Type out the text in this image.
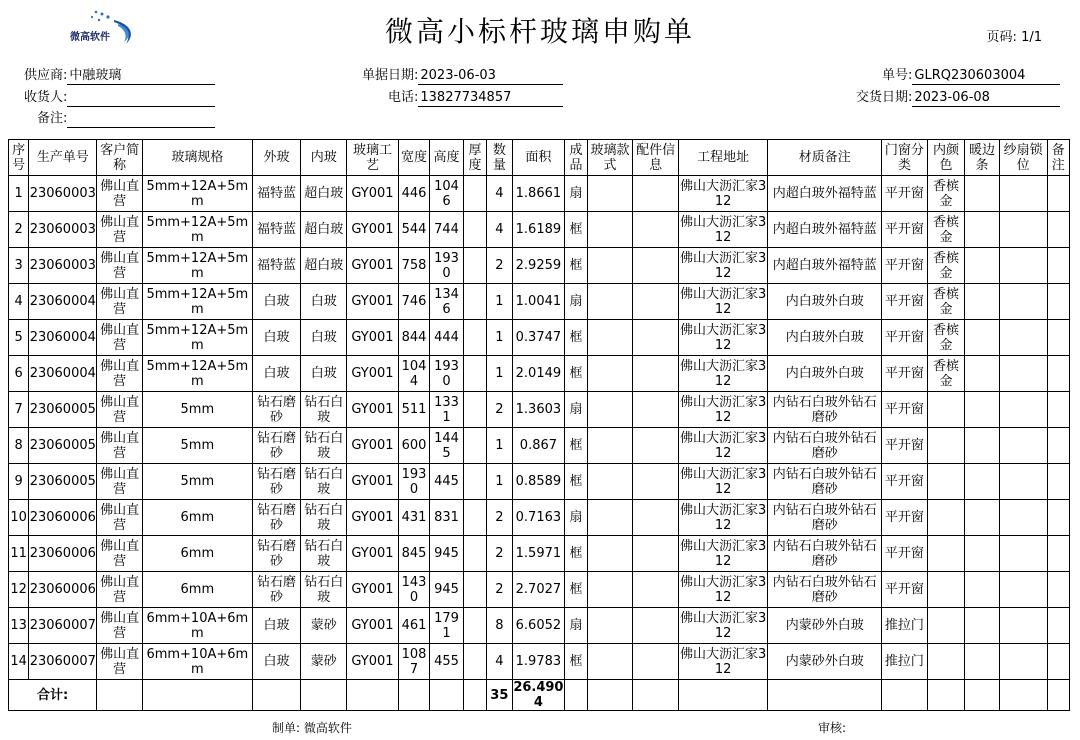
微高软件	微高小标杆玻璃申购单	页码: 1/1
供应商: 中融玻璃
收货人:
备注:
单据日期: 2023-06-03
电话: 13827734857
单号: GLRQ230603004
交货日期: 2023-06-08
序号	生产单号	客户简称	玻璃规格	外玻	内玻	玻璃工艺	宽度	高度	厚度	数量	面积	成品	玻璃款式	配件信息	工程地址	材质备注	门窗分类	内颜色	暖边条	纱扇锁位	备注
1	23060003	佛山直营	5mm+12A+5mm	福特蓝	超白玻	GY001	446	1046		4	1.8661	扇			佛山大沥汇家312	内超白玻外福特蓝	平开窗	香槟金			
2	23060003	佛山直营	5mm+12A+5mm	福特蓝	超白玻	GY001	544	744		4	1.6189	框			佛山大沥汇家312	内超白玻外福特蓝	平开窗	香槟金			
3	23060003	佛山直营	5mm+12A+5mm	福特蓝	超白玻	GY001	758	1930		2	2.9259	框			佛山大沥汇家312	内超白玻外福特蓝	平开窗	香槟金			
4	23060004	佛山直营	5mm+12A+5mm	白玻	白玻	GY001	746	1346		1	1.0041	扇			佛山大沥汇家312	内白玻外白玻	平开窗	香槟金			
5	23060004	佛山直营	5mm+12A+5mm	白玻	白玻	GY001	844	444		1	0.3747	框			佛山大沥汇家312	内白玻外白玻	平开窗	香槟金			
6	23060004	佛山直营	5mm+12A+5mm	白玻	白玻	GY001	1044	1930		1	2.0149	框			佛山大沥汇家312	内白玻外白玻	平开窗	香槟金			
7	23060005	佛山直营	5mm	钻石磨砂	钻石白玻	GY001	511	1331		2	1.3603	扇			佛山大沥汇家312	内钻石白玻外钻石磨砂	平开窗				
8	23060005	佛山直营	5mm	钻石磨砂	钻石白玻	GY001	600	1445		1	0.867	框			佛山大沥汇家312	内钻石白玻外钻石磨砂	平开窗				
9	23060005	佛山直营	5mm	钻石磨砂	钻石白玻	GY001	1930	445		1	0.8589	框			佛山大沥汇家312	内钻石白玻外钻石磨砂	平开窗				
10	23060006	佛山直营	6mm	钻石磨砂	钻石白玻	GY001	431	831		2	0.7163	扇			佛山大沥汇家312	内钻石白玻外钻石磨砂	平开窗				
11	23060006	佛山直营	6mm	钻石磨砂	钻石白玻	GY001	845	945		2	1.5971	框			佛山大沥汇家312	内钻石白玻外钻石磨砂	平开窗				
12	23060006	佛山直营	6mm	钻石磨砂	钻石白玻	GY001	1430	945		2	2.7027	框			佛山大沥汇家312	内钻石白玻外钻石磨砂	平开窗				
13	23060007	佛山直营	6mm+10A+6mm	白玻	蒙砂	GY001	461	1791		8	6.6052	扇			佛山大沥汇家312	内蒙砂外白玻	推拉门				
14	23060007	佛山直营	6mm+10A+6mm	白玻	蒙砂	GY001	1087	455		4	1.9783	框			佛山大沥汇家312	内蒙砂外白玻	推拉门				
合计:										35	26.4904										
制单: 微高软件	审核:
